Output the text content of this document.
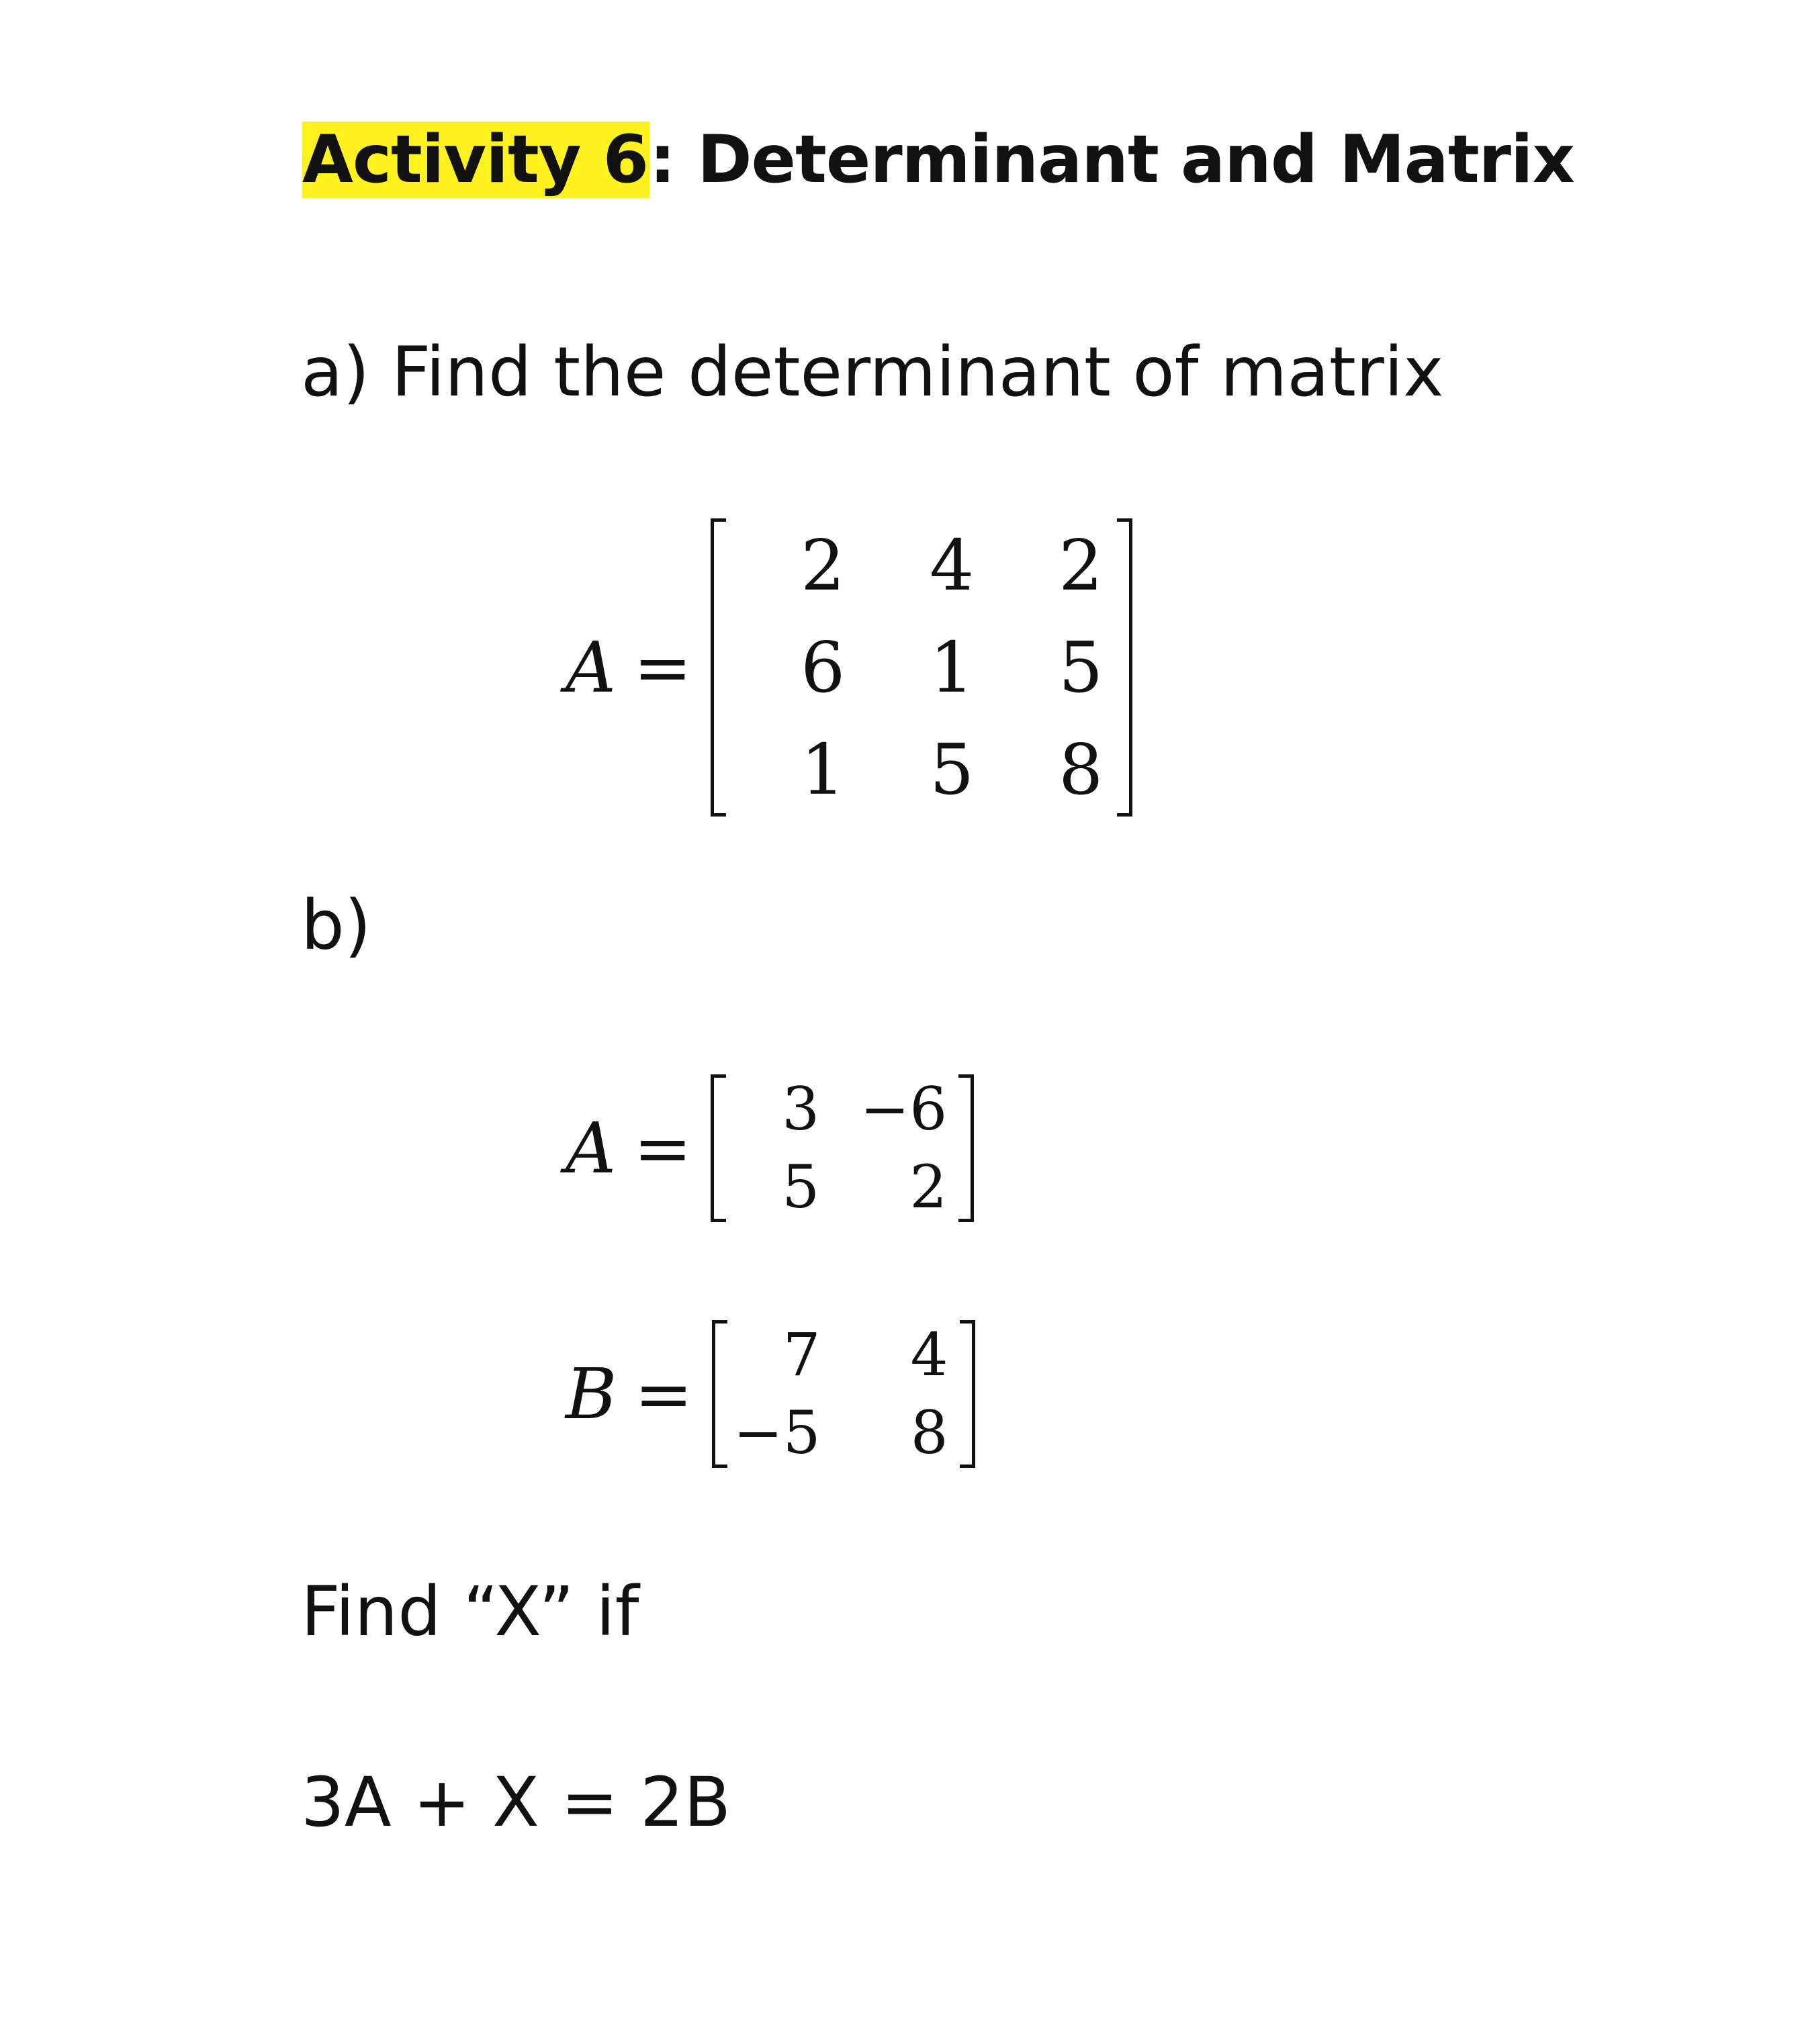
Activity 6: Determinant and Matrix
a) Find the determinant of matrix
A =
2	4	2
6	1	5
1	5	8
b)
A =	3 −6
5	2
B =	7	4
−5	8
Find “X” if
3A + X = 2B
